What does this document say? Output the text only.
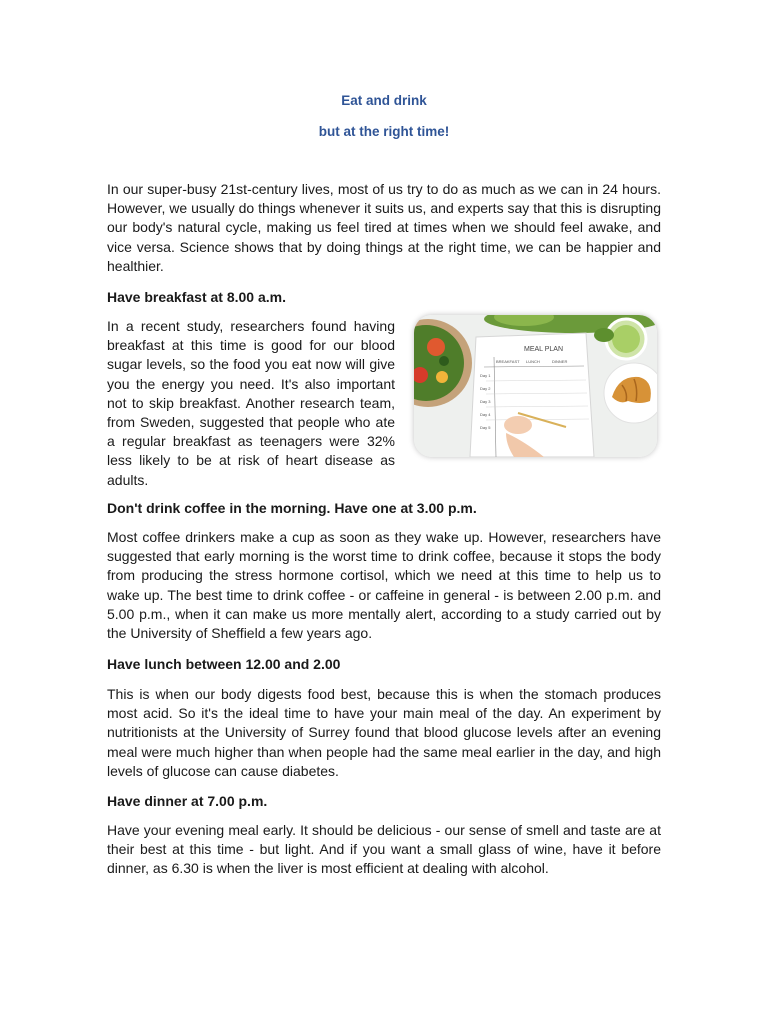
Eat and drink
but at the right time!

In our super-busy 21st-century lives, most of us try to do as much as we can in 24 hours. However, we usually do things whenever it suits us, and experts say that this is disrupting our body's natural cycle, making us feel tired at times when we should feel awake, and vice versa. Science shows that by doing things at the right time, we can be happier and healthier.

Have breakfast at 8.00 a.m.

In a recent study, researchers found having breakfast at this time is good for our blood sugar levels, so the food you eat now will give you the energy you need. It's also important not to skip breakfast. Another research team, from Sweden, suggested that people who ate a regular breakfast as teenagers were 32% less likely to be at risk of heart disease as adults.

MEAL PLAN
BREAKFAST LUNCH	DINNER
Day 1
Day 2
Day 3
Day 4
Day 5

Don't drink coffee in the morning. Have one at 3.00 p.m.

Most coffee drinkers make a cup as soon as they wake up. However, researchers have suggested that early morning is the worst time to drink coffee, because it stops the body from producing the stress hormone cortisol, which we need at this time to help us to wake up. The best time to drink coffee - or caffeine in general - is between 2.00 p.m. and 5.00 p.m., when it can make us more mentally alert, according to a study carried out by the University of Sheffield a few years ago.

Have lunch between 12.00 and 2.00

This is when our body digests food best, because this is when the stomach produces most acid. So it's the ideal time to have your main meal of the day. An experiment by nutritionists at the University of Surrey found that blood glucose levels after an evening meal were much higher than when people had the same meal earlier in the day, and high levels of glucose can cause diabetes.

Have dinner at 7.00 p.m.

Have your evening meal early. It should be delicious - our sense of smell and taste are at their best at this time - but light. And if you want a small glass of wine, have it before dinner, as 6.30 is when the liver is most efficient at dealing with alcohol.
